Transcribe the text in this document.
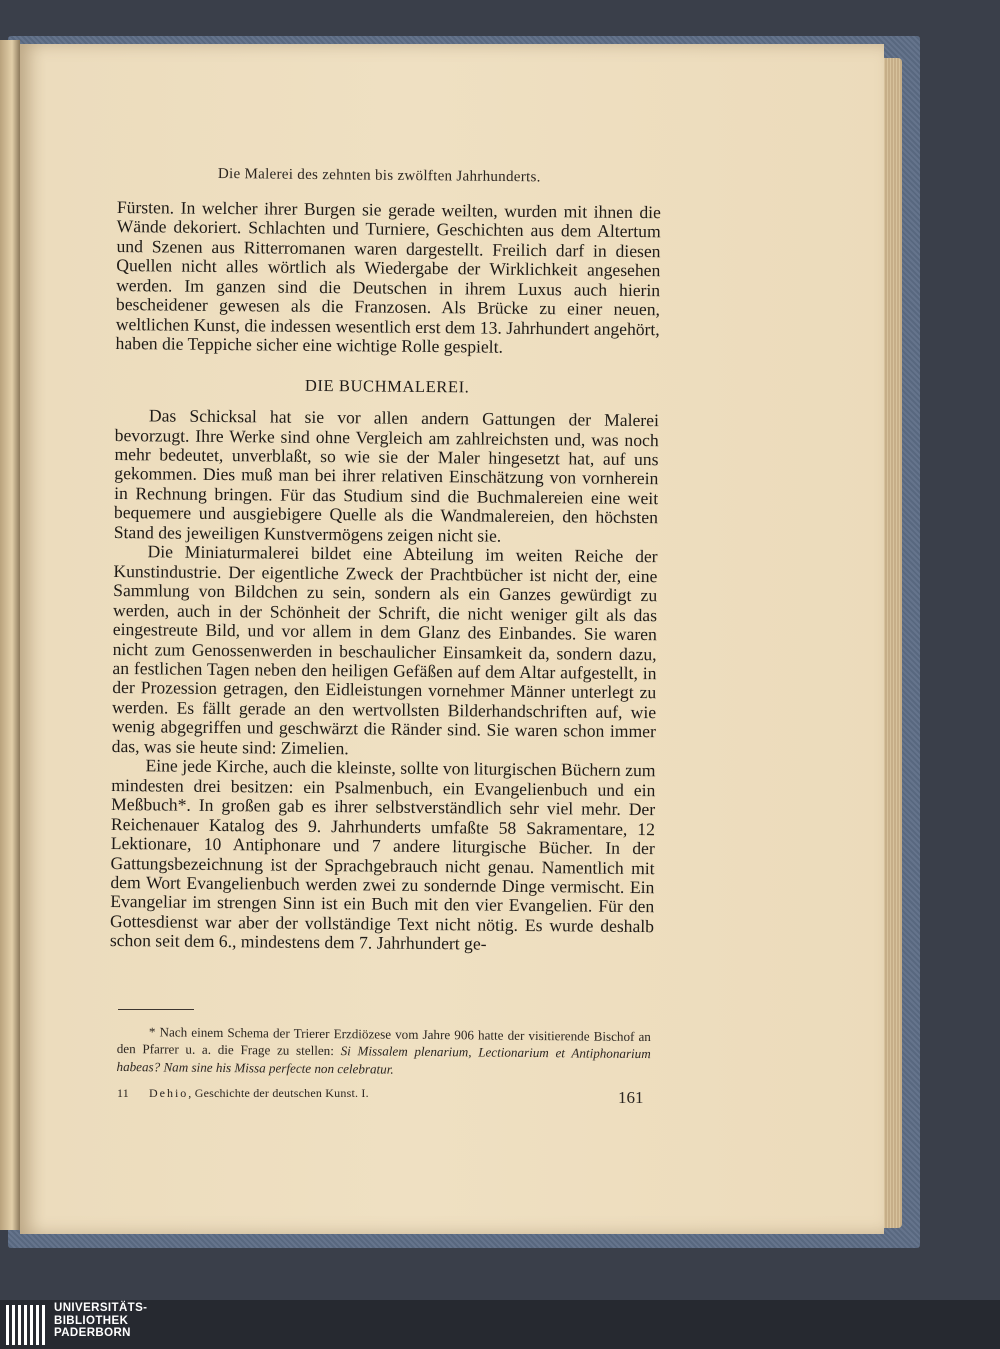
Die Malerei des zehnten bis zwölften Jahrhunderts.

Fürsten. In welcher ihrer Burgen sie gerade weilten, wurden mit ihnen die Wände dekoriert. Schlachten und Turniere, Geschichten aus dem Altertum und Szenen aus Ritterromanen waren dargestellt. Freilich darf in diesen Quellen nicht alles wörtlich als Wiedergabe der Wirklichkeit angesehen werden. Im ganzen sind die Deutschen in ihrem Luxus auch hierin bescheidener gewesen als die Franzosen. Als Brücke zu einer neuen, weltlichen Kunst, die indessen wesentlich erst dem 13. Jahrhundert angehört, haben die Teppiche sicher eine wichtige Rolle gespielt.

DIE BUCHMALEREI.

Das Schicksal hat sie vor allen andern Gattungen der Malerei bevorzugt. Ihre Werke sind ohne Vergleich am zahlreichsten und, was noch mehr bedeutet, unverblaßt, so wie sie der Maler hingesetzt hat, auf uns gekommen. Dies muß man bei ihrer relativen Einschätzung von vornherein in Rechnung bringen. Für das Studium sind die Buchmalereien eine weit bequemere und ausgiebigere Quelle als die Wandmalereien, den höchsten Stand des jeweiligen Kunstvermögens zeigen nicht sie.

Die Miniaturmalerei bildet eine Abteilung im weiten Reiche der Kunstindustrie. Der eigentliche Zweck der Prachtbücher ist nicht der, eine Sammlung von Bildchen zu sein, sondern als ein Ganzes gewürdigt zu werden, auch in der Schönheit der Schrift, die nicht weniger gilt als das eingestreute Bild, und vor allem in dem Glanz des Einbandes. Sie waren nicht zum Genossenwerden in beschaulicher Einsamkeit da, sondern dazu, an festlichen Tagen neben den heiligen Gefäßen auf dem Altar aufgestellt, in der Prozession getragen, den Eidleistungen vornehmer Männer unterlegt zu werden. Es fällt gerade an den wertvollsten Bilderhandschriften auf, wie wenig abgegriffen und geschwärzt die Ränder sind. Sie waren schon immer das, was sie heute sind: Zimelien.

Eine jede Kirche, auch die kleinste, sollte von liturgischen Büchern zum mindesten drei besitzen: ein Psalmenbuch, ein Evangelienbuch und ein Meßbuch*. In großen gab es ihrer selbstverständlich sehr viel mehr. Der Reichenauer Katalog des 9. Jahrhunderts umfaßte 58 Sakramentare, 12 Lektionare, 10 Antiphonare und 7 andere liturgische Bücher. In der Gattungsbezeichnung ist der Sprachgebrauch nicht genau. Namentlich mit dem Wort Evangelienbuch werden zwei zu sondernde Dinge vermischt. Ein Evangeliar im strengen Sinn ist ein Buch mit den vier Evangelien. Für den Gottesdienst war aber der vollständige Text nicht nötig. Es wurde deshalb schon seit dem 6., mindestens dem 7. Jahrhundert ge-

* Nach einem Schema der Trierer Erzdiözese vom Jahre 906 hatte der visitierende Bischof an den Pfarrer u. a. die Frage zu stellen: Si Missalem plenarium, Lectionarium et Antiphonarium habeas? Nam sine his Missa perfecte non celebratur.

11 Dehio, Geschichte der deutschen Kunst. I.	161
UNIVERSITÄTS-
BIBLIOTHEK
PADERBORN
